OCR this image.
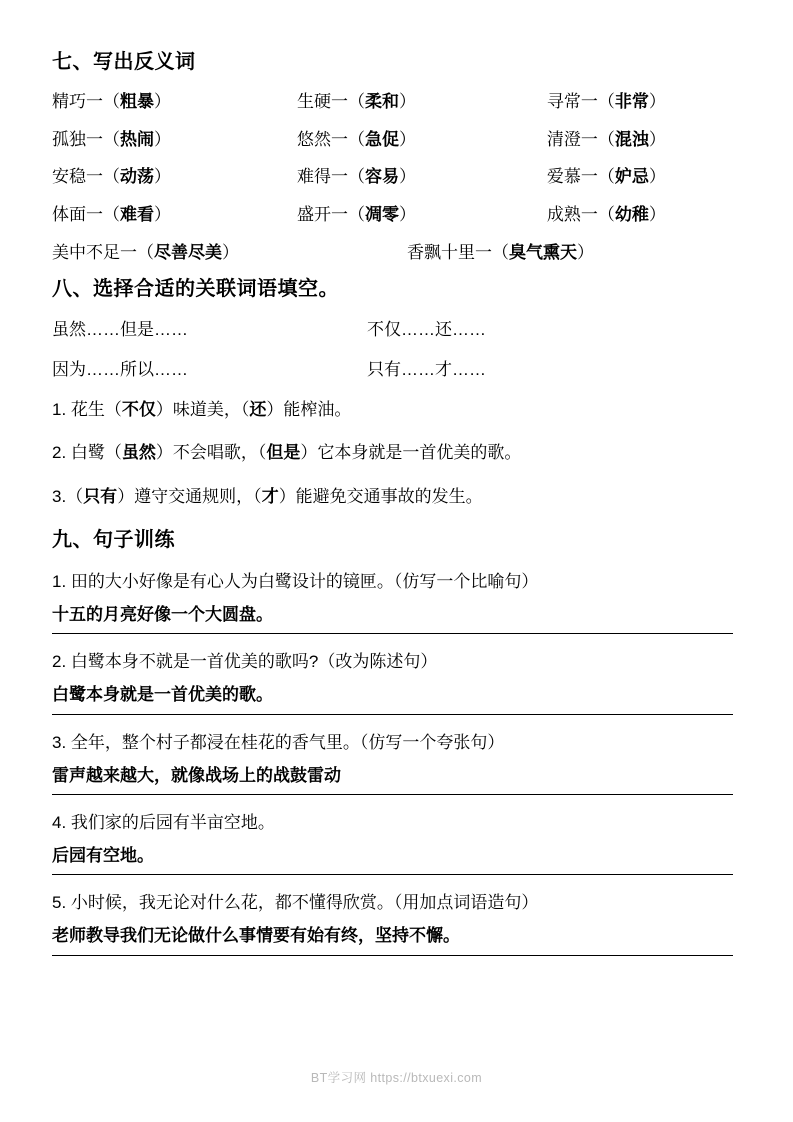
七、写出反义词
精巧一（粗暴）	生硬一（柔和）	寻常一（非常）
孤独一（热闹）	悠然一（急促）	清澄一（混浊）
安稳一（动荡）	难得一（容易）	爱慕一（妒忌）
体面一（难看）	盛开一（凋零）	成熟一（幼稚）
美中不足一（尽善尽美）	香飘十里一（臭气熏天）
八、选择合适的关联词语填空。
虽然……但是……	不仅……还……
因为……所以……	只有……才……
1. 花生（不仅）味道美，（还）能榨油。
2. 白鹭（虽然）不会唱歌，（但是）它本身就是一首优美的歌。
3.（只有）遵守交通规则，（才）能避免交通事故的发生。
九、句子训练
1. 田的大小好像是有心人为白鹭设计的镜匣。（仿写一个比喻句）
十五的月亮好像一个大圆盘。
2. 白鹭本身不就是一首优美的歌吗?（改为陈述句）
白鹭本身就是一首优美的歌。
3. 全年，整个村子都浸在桂花的香气里。（仿写一个夸张句）
雷声越来越大，就像战场上的战鼓雷动
4. 我们家的后园有半亩空地。
后园有空地。
5. 小时候，我无论对什么花，都不懂得欣赏。（用加点词语造句）
老师教导我们无论做什么事情要有始有终，坚持不懈。
BT学习网 https://btxuexi.com
